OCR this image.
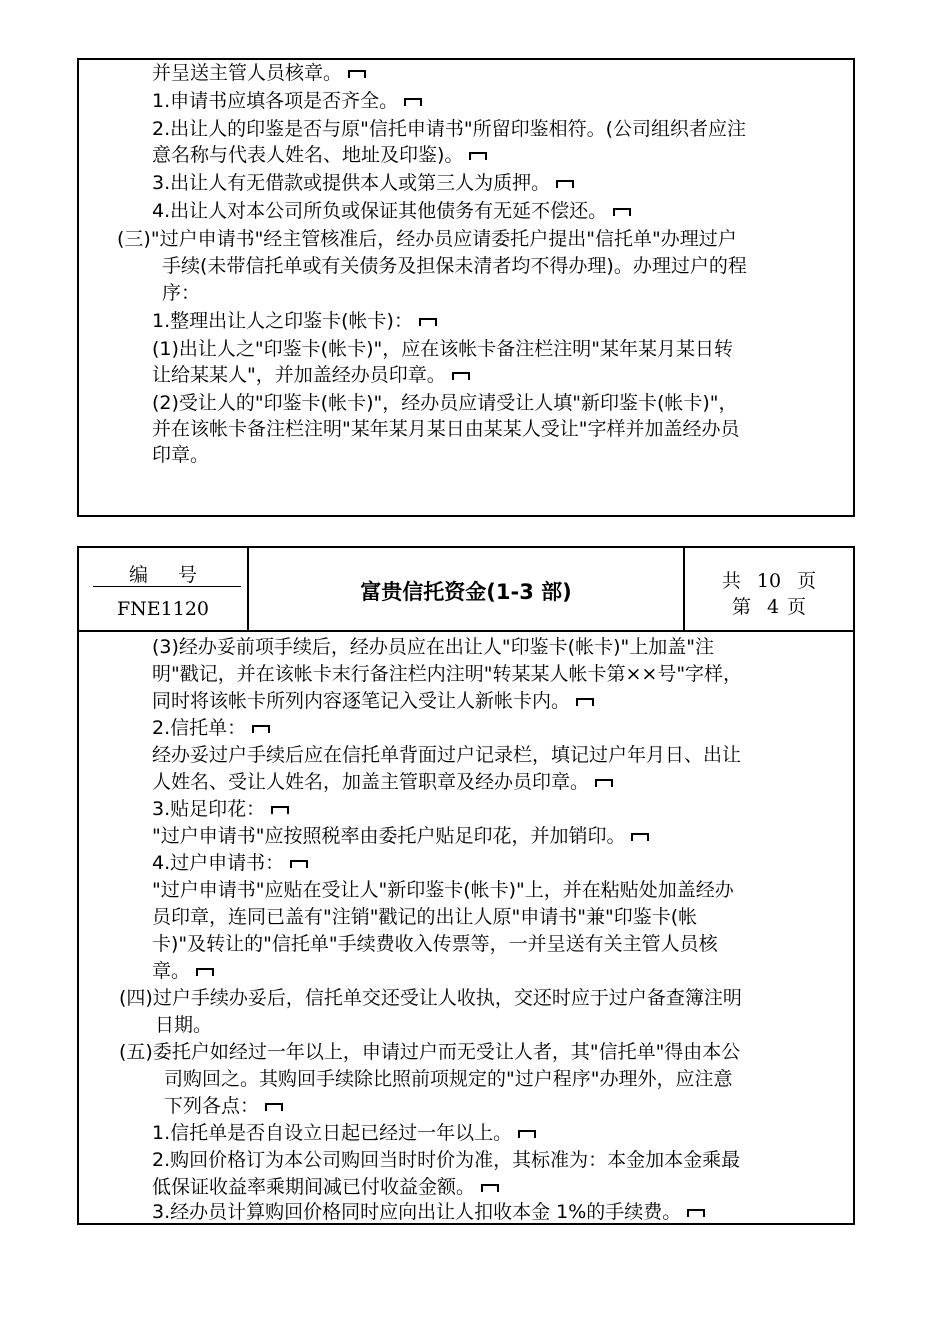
并呈送主管人员核章。
1.申请书应填各项是否齐全。
2.出让人的印鉴是否与原"信托申请书"所留印鉴相符。(公司组织者应注
意名称与代表人姓名、地址及印鉴)。
3.出让人有无借款或提供本人或第三人为质押。
4.出让人对本公司所负或保证其他债务有无延不偿还。
(三)"过户申请书"经主管核准后，经办员应请委托户提出"信托单"办理过户
手续(未带信托单或有关债务及担保未清者均不得办理)。办理过户的程
序：
1.整理出让人之印鉴卡(帐卡)：
(1)出让人之"印鉴卡(帐卡)"，应在该帐卡备注栏注明"某年某月某日转
让给某某人"，并加盖经办员印章。
(2)受让人的"印鉴卡(帐卡)"，经办员应请受让人填"新印鉴卡(帐卡)"，
并在该帐卡备注栏注明"某年某月某日由某某人受让"字样并加盖经办员
印章。
编号
FNE1120
富贵信托资金(1-3 部)	共 10 页
第 4 页
(3)经办妥前项手续后，经办员应在出让人"印鉴卡(帐卡)"上加盖"注
明"戳记，并在该帐卡末行备注栏内注明"转某某人帐卡第××号"字样，
同时将该帐卡所列内容逐笔记入受让人新帐卡内。
2.信托单：
经办妥过户手续后应在信托单背面过户记录栏，填记过户年月日、出让
人姓名、受让人姓名，加盖主管职章及经办员印章。
3.贴足印花：
"过户申请书"应按照税率由委托户贴足印花，并加销印。
4.过户申请书：
"过户申请书"应贴在受让人"新印鉴卡(帐卡)"上，并在粘贴处加盖经办
员印章，连同已盖有"注销"戳记的出让人原"申请书"兼"印鉴卡(帐
卡)"及转让的"信托单"手续费收入传票等，一并呈送有关主管人员核
章。
(四)过户手续办妥后，信托单交还受让人收执，交还时应于过户备查簿注明
日期。
(五)委托户如经过一年以上，申请过户而无受让人者，其"信托单"得由本公
司购回之。其购回手续除比照前项规定的"过户程序"办理外，应注意
下列各点：
1.信托单是否自设立日起已经过一年以上。
2.购回价格订为本公司购回当时时价为准，其标准为：本金加本金乘最
低保证收益率乘期间减已付收益金额。
3.经办员计算购回价格同时应向出让人扣收本金 1%的手续费。
